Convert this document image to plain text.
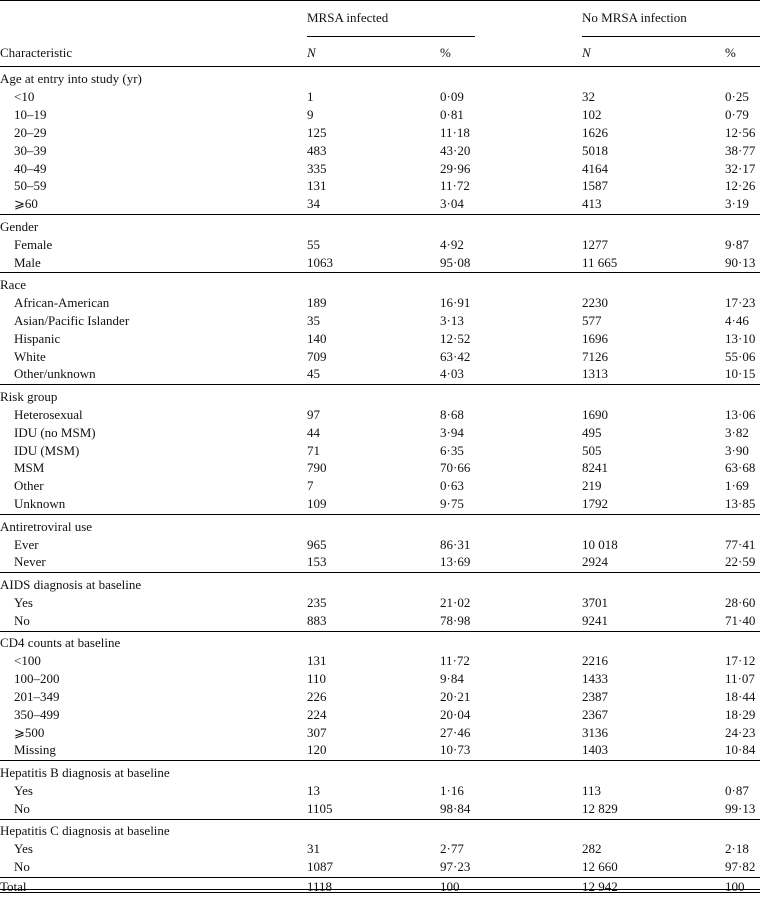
MRSA infected	No MRSA infection
Characteristic	N	%	N	%
Age at entry into study (yr)
<10	1	0·09	32	0·25
10–19	9	0·81	102	0·79
20–29	125	11·18	1626	12·56
30–39	483	43·20	5018	38·77
40–49	335	29·96	4164	32·17
50–59	131	11·72	1587	12·26
⩾60	34	3·04	413	3·19
Gender
Female	55	4·92	1277	9·87
Male	1063	95·08	11 665	90·13
Race
African-American	189	16·91	2230	17·23
Asian/Pacific Islander	35	3·13	577	4·46
Hispanic	140	12·52	1696	13·10
White	709	63·42	7126	55·06
Other/unknown	45	4·03	1313	10·15
Risk group
Heterosexual	97	8·68	1690	13·06
IDU (no MSM)	44	3·94	495	3·82
IDU (MSM)	71	6·35	505	3·90
MSM	790	70·66	8241	63·68
Other	7	0·63	219	1·69
Unknown	109	9·75	1792	13·85
Antiretroviral use
Ever	965	86·31	10 018	77·41
Never	153	13·69	2924	22·59
AIDS diagnosis at baseline
Yes	235	21·02	3701	28·60
No	883	78·98	9241	71·40
CD4 counts at baseline
<100	131	11·72	2216	17·12
100–200	110	9·84	1433	11·07
201–349	226	20·21	2387	18·44
350–499	224	20·04	2367	18·29
⩾500	307	27·46	3136	24·23
Missing	120	10·73	1403	10·84
Hepatitis B diagnosis at baseline
Yes	13	1·16	113	0·87
No	1105	98·84	12 829	99·13
Hepatitis C diagnosis at baseline
Yes	31	2·77	282	2·18
No	1087	97·23	12 660	97·82
Total	1118	100	12 942	100
